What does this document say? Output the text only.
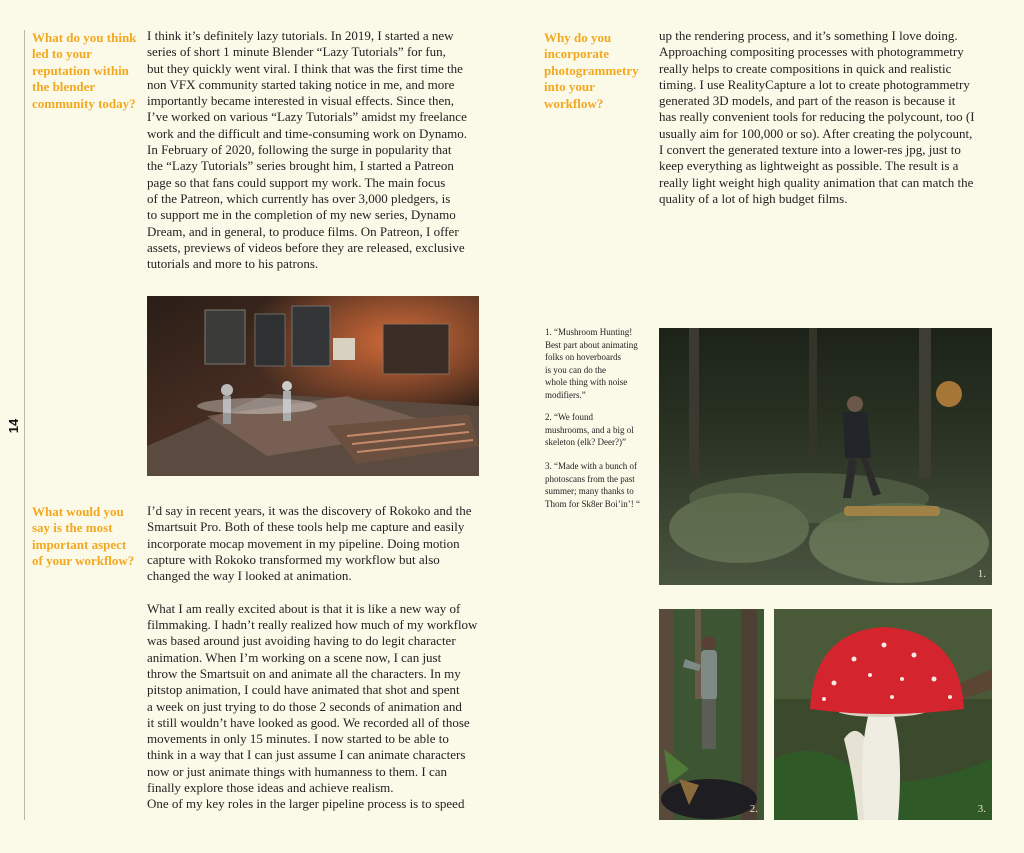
14
What do you think led to your reputation within the blender community today?
I think it’s definitely lazy tutorials. In 2019, I started a new
series of short 1 minute Blender “Lazy Tutorials” for fun,
but they quickly went viral. I think that was the first time the
non VFX community started taking notice in me, and more
importantly became interested in visual effects. Since then,
I’ve worked on various “Lazy Tutorials” amidst my freelance
work and the difficult and time-consuming work on Dynamo.
In February of 2020, following the surge in popularity that
the “Lazy Tutorials” series brought him, I started a Patreon
page so that fans could support my work. The main focus
of the Patreon, which currently has over 3,000 pledgers, is
to support me in the completion of my new series, Dynamo
Dream, and in general, to produce films. On Patreon, I offer
assets, previews of videos before they are released, exclusive
tutorials and more to his patrons.
What would you say is the most important aspect of your workflow?
I’d say in recent years, it was the discovery of Rokoko and the
Smartsuit Pro. Both of these tools help me capture and easily
incorporate mocap movement in my pipeline. Doing motion
capture with Rokoko transformed my workflow but also
changed the way I looked at animation.

What I am really excited about is that it is like a new way of
filmmaking. I hadn’t really realized how much of my workflow
was based around just avoiding having to do legit character
animation. When I’m working on a scene now, I can just
throw the Smartsuit on and animate all the characters. In my
pitstop animation, I could have animated that shot and spent
a week on just trying to do those 2 seconds of animation and
it still wouldn’t have looked as good. We recorded all of those
movements in only 15 minutes. I now started to be able to
think in a way that I can just assume I can animate characters
now or just animate things with humanness to them. I can
finally explore those ideas and achieve realism.
One of my key roles in the larger pipeline process is to speed
Why do you incorporate photogrammetry into your workflow?
up the rendering process, and it’s something I love doing.
Approaching compositing processes with photogrammetry
really helps to create compositions in quick and realistic
timing. I use RealityCapture a lot to create photogrammetry
generated 3D models, and part of the reason is because it
has really convenient tools for reducing the polycount, too (I
usually aim for 100,000 or so). After creating the polycount,
I convert the generated texture into a lower-res jpg, just to
keep everything as lightweight as possible. The result is a
really light weight high quality animation that can match the
quality of a lot of high budget films.
1. “Mushroom Hunting!
Best part about animating
folks on hoverboards
is you can do the
whole thing with noise
modifiers.”
2. “We found
mushrooms, and a big ol
skeleton (elk? Deer?)”
3. “Made with a bunch of
photoscans from the past
summer; many thanks to
Thom for Sk8er Boi’in’! “
1.
2.	3.
